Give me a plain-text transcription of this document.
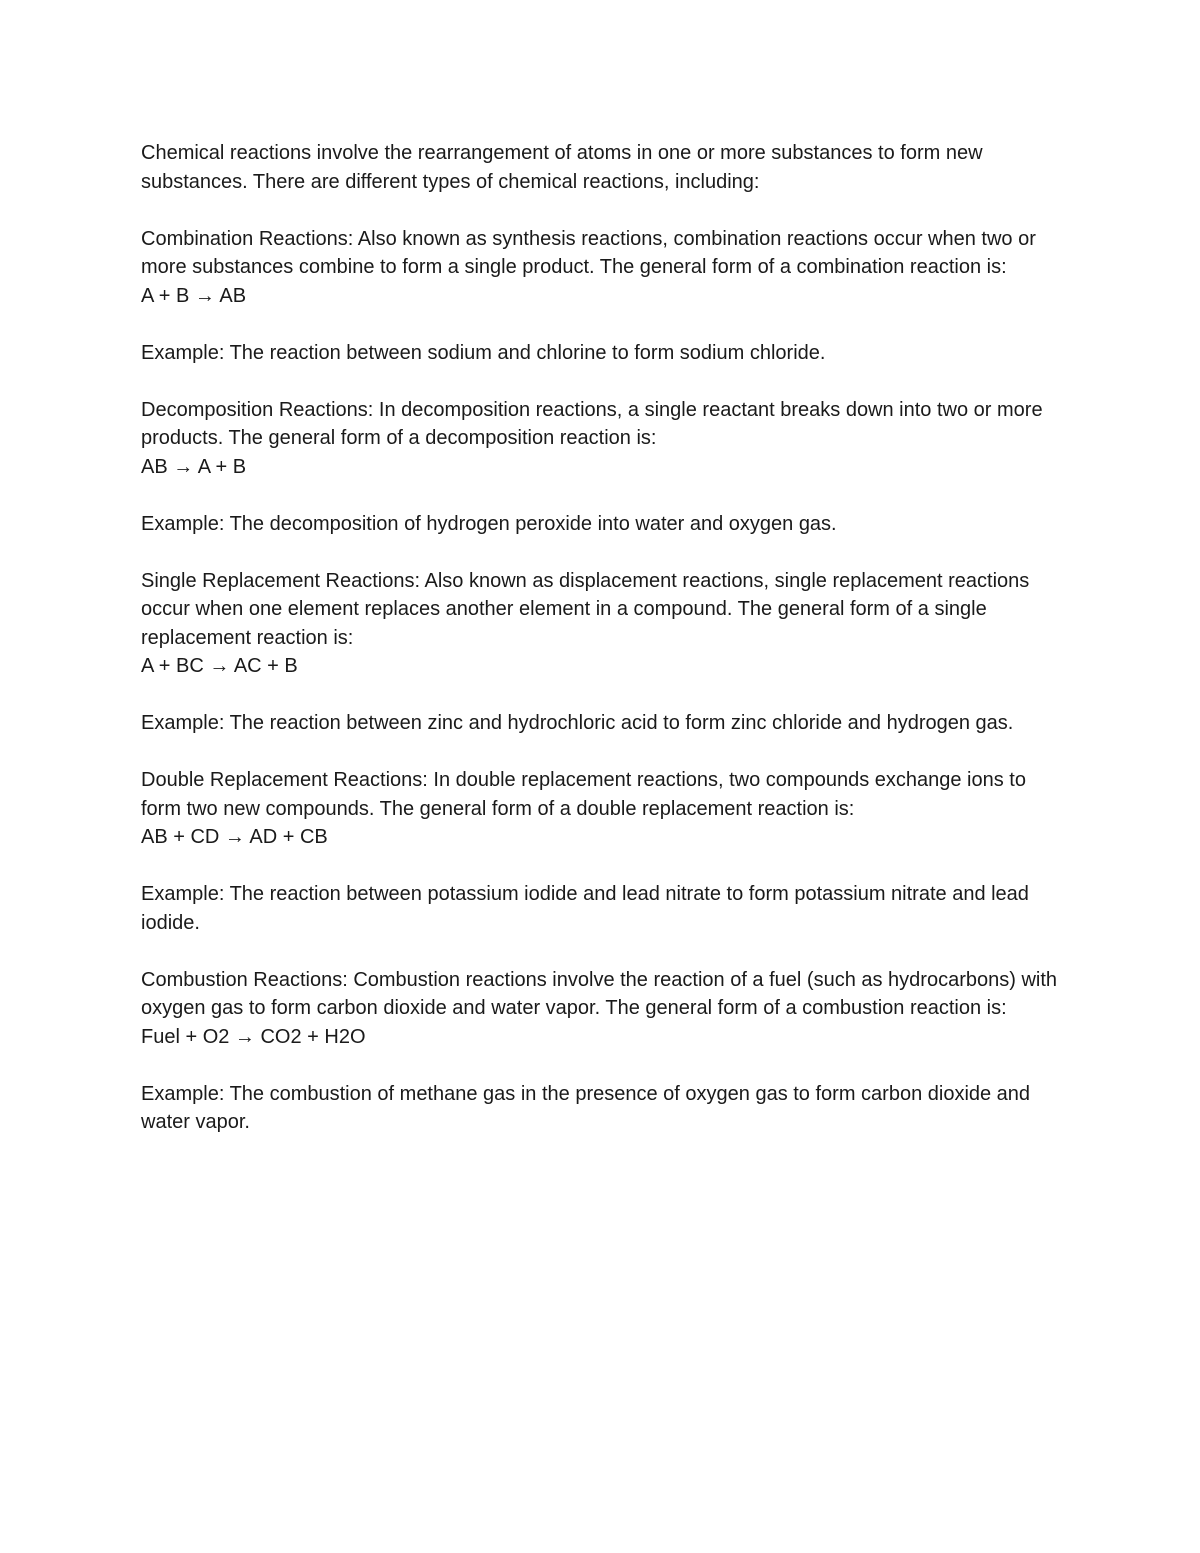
Chemical reactions involve the rearrangement of atoms in one or more substances to form new substances. There are different types of chemical reactions, including:

Combination Reactions: Also known as synthesis reactions, combination reactions occur when two or more substances combine to form a single product. The general form of a combination reaction is:

A + B → AB

Example: The reaction between sodium and chlorine to form sodium chloride.

Decomposition Reactions: In decomposition reactions, a single reactant breaks down into two or more products. The general form of a decomposition reaction is:

AB → A + B

Example: The decomposition of hydrogen peroxide into water and oxygen gas.

Single Replacement Reactions: Also known as displacement reactions, single replacement reactions occur when one element replaces another element in a compound. The general form of a single replacement reaction is:

A + BC → AC + B

Example: The reaction between zinc and hydrochloric acid to form zinc chloride and hydrogen gas.

Double Replacement Reactions: In double replacement reactions, two compounds exchange ions to form two new compounds. The general form of a double replacement reaction is:

AB + CD → AD + CB

Example: The reaction between potassium iodide and lead nitrate to form potassium nitrate and lead iodide.

Combustion Reactions: Combustion reactions involve the reaction of a fuel (such as hydrocarbons) with oxygen gas to form carbon dioxide and water vapor. The general form of a combustion reaction is:

Fuel + O2 → CO2 + H2O

Example: The combustion of methane gas in the presence of oxygen gas to form carbon dioxide and water vapor.
